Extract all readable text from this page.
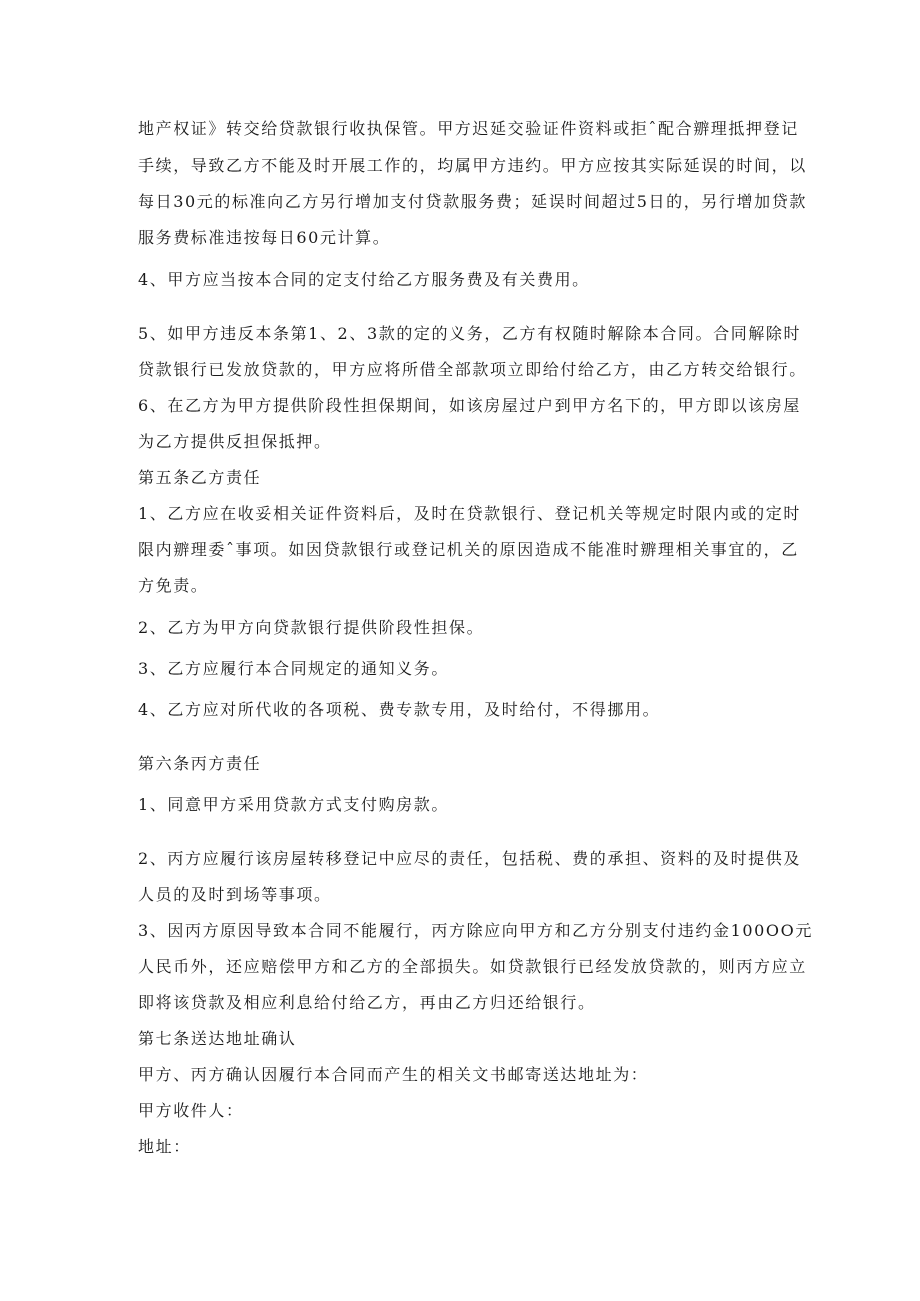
地产权证》转交给贷款银行收执保管。甲方迟延交验证件资料或拒ˆ配合辧理抵押登记
手续，导致乙方不能及时开展工作的，均属甲方违约。甲方应按其实际延误的时间，以
每日30元的标准向乙方另行增加支付贷款服务费；延误时间超过5日的，另行增加贷款
服务费标准违按每日60元计算。
4、甲方应当按本合同的定支付给乙方服务费及有关费用。
5、如甲方违反本条第1、2、3款的定的义务，乙方有权随时解除本合同。合同解除时
贷款银行已发放贷款的，甲方应将所借全部款项立即给付给乙方，由乙方转交给银行。
6、在乙方为甲方提供阶段性担保期间，如该房屋过户到甲方名下的，甲方即以该房屋
为乙方提供反担保抵押。
第五条乙方责任
1、乙方应在收妥相关证件资料后，及时在贷款银行、登记机关等规定时限内或的定时
限内辧理委ˆ事项。如因贷款银行或登记机关的原因造成不能准时辧理相关事宜的，乙
方免责。
2、乙方为甲方向贷款银行提供阶段性担保。
3、乙方应履行本合同规定的通知义务。
4、乙方应对所代收的各项税、费专款专用，及时给付，不得挪用。
第六条丙方责任
1、同意甲方采用贷款方式支付购房款。
2、丙方应履行该房屋转移登记中应尽的责任，包括税、费的承担、资料的及时提供及
人员的及时到场等事项。
3、因丙方原因导致本合同不能履行，丙方除应向甲方和乙方分别支付违约金100OO元
人民币外，还应赔偿甲方和乙方的全部损失。如贷款银行已经发放贷款的，则丙方应立
即将该贷款及相应利息给付给乙方，再由乙方归还给银行。
第七条送达地址确认
甲方、丙方确认因履行本合同而产生的相关文书邮寄送达地址为：
甲方收件人：
地址：
